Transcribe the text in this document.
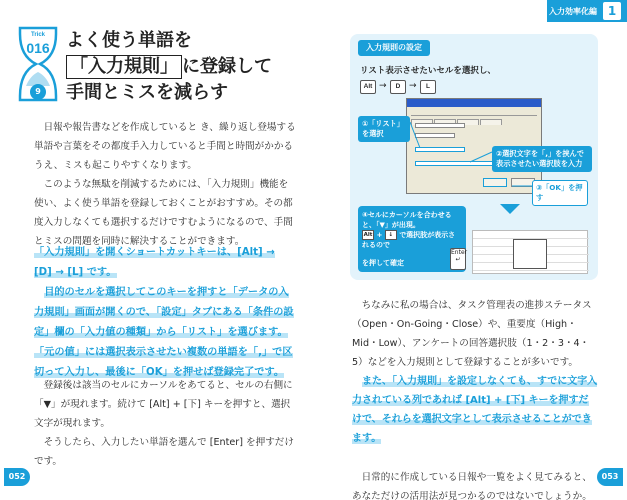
入力効率化編 1
Trick
016
9
よく使う単語を
「入力規則」 に登録して
手間とミスを減らす

日報や報告書などを作成していると き、繰り返し登場する単語や言葉をその都度手入力していると手間と時間がかかるうえ、ミスも起こりやすくなります。

このような無駄を削減するためには、「入力規則」機能を使い、よく使う単語を登録しておくことがおすすめ。その都度入力しなくても選択するだけですむようになるので、手間とミスの問題を同時に解決することができます。

「入力規則」を開くショートカットキーは、[Alt] →

[D] → [L] です。

目的のセルを選択してこのキーを押すと「データの入

力規則」画面が開くので、「設定」タブにある「条件の設

定」欄の「入力値の種類」から「リスト」を選びます。

「元の値」には選択表示させたい複数の単語を「,」で区

切って入力し、最後に「OK」を押せば登録完了です。

登録後は該当のセルにカーソルをあてると、セルの右側に「▼」が現れます。続けて [Alt] + [下] キーを押すと、選択文字が現れます。

そうしたら、入力したい単語を選んで [Enter] を押すだけです。

052	053
入力規則の設定
リスト表示させたいセルを選択し、
Alt →	D →	L
①「リスト」を選択
②選択文字を「,」を挟んで表示させたい選択肢を入力
③「OK」を押す
④セルにカーソルを合わせると、「▼」が出現。
Alt + ↓ で選択肢が表示されるので
を押して確定
Enter
↵

ちなみに私の場合は、タスク管理表の進捗ステータス（Open・On-Going・Close）や、重要度（High・Mid・Low）、アンケートの回答選択肢（1・2・3・4・5）などを入力規則として登録することが多いです。

また、「入力規則」を設定しなくても、すでに文字入力されている列であれば [Alt] + [下] キーを押すだけで、それらを選択文字として表示させることができます。

日常的に作成している日報や一覧をよく見てみると、あなただけの活用法が見つかるのではないでしょうか。
